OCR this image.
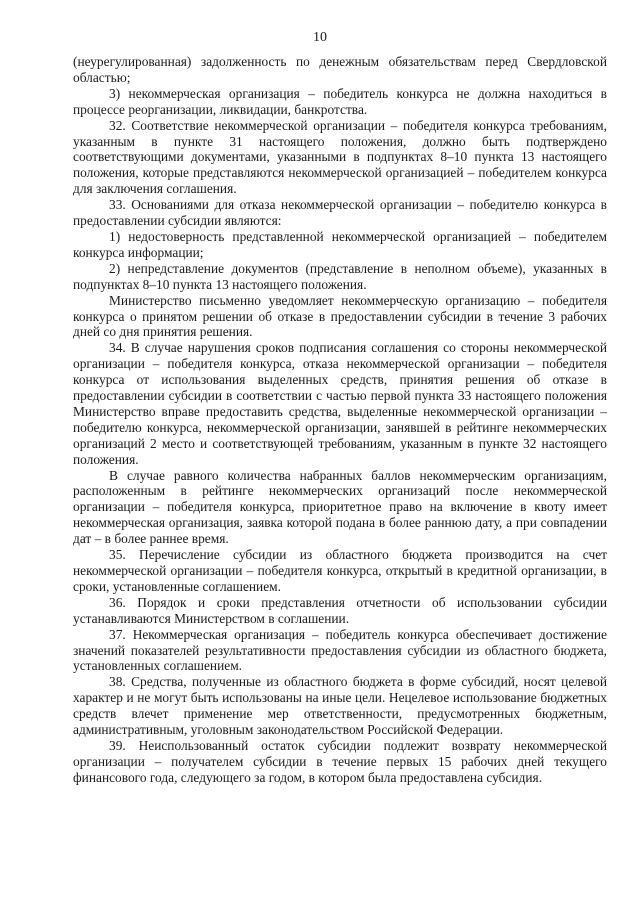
10

(неурегулированная) задолженность по денежным обязательствам перед Свердловской областью;

3) некоммерческая организация – победитель конкурса не должна находиться в процессе реорганизации, ликвидации, банкротства.

32. Соответствие некоммерческой организации – победителя конкурса требованиям, указанным в пункте 31 настоящего положения, должно быть подтверждено соответствующими документами, указанными в подпунктах 8–10 пункта 13 настоящего положения, которые представляются некоммерческой организацией – победителем конкурса для заключения соглашения.

33. Основаниями для отказа некоммерческой организации – победителю конкурса в предоставлении субсидии являются:

1) недостоверность представленной некоммерческой организацией – победителем конкурса информации;

2) непредставление документов (представление в неполном объеме), указанных в подпунктах 8–10 пункта 13 настоящего положения.

Министерство письменно уведомляет некоммерческую организацию – победителя конкурса о принятом решении об отказе в предоставлении субсидии в течение 3 рабочих дней со дня принятия решения.

34. В случае нарушения сроков подписания соглашения со стороны некоммерческой организации – победителя конкурса, отказа некоммерческой организации – победителя конкурса от использования выделенных средств, принятия решения об отказе в предоставлении субсидии в соответствии с частью первой пункта 33 настоящего положения Министерство вправе предоставить средства, выделенные некоммерческой организации – победителю конкурса, некоммерческой организации, занявшей в рейтинге некоммерческих организаций 2 место и соответствующей требованиям, указанным в пункте 32 настоящего положения.

В случае равного количества набранных баллов некоммерческим организациям, расположенным в рейтинге некоммерческих организаций после некоммерческой организации – победителя конкурса, приоритетное право на включение в квоту имеет некоммерческая организация, заявка которой подана в более раннюю дату, а при совпадении дат – в более раннее время.

35. Перечисление субсидии из областного бюджета производится на счет некоммерческой организации – победителя конкурса, открытый в кредитной организации, в сроки, установленные соглашением.

36. Порядок и сроки представления отчетности об использовании субсидии устанавливаются Министерством в соглашении.

37. Некоммерческая организация – победитель конкурса обеспечивает достижение значений показателей результативности предоставления субсидии из областного бюджета, установленных соглашением.

38. Средства, полученные из областного бюджета в форме субсидий, носят целевой характер и не могут быть использованы на иные цели. Нецелевое использование бюджетных средств влечет применение мер ответственности, предусмотренных бюджетным, административным, уголовным законодательством Российской Федерации.

39. Неиспользованный остаток субсидии подлежит возврату некоммерческой организации – получателем субсидии в течение первых 15 рабочих дней текущего финансового года, следующего за годом, в котором была предоставлена субсидия.
